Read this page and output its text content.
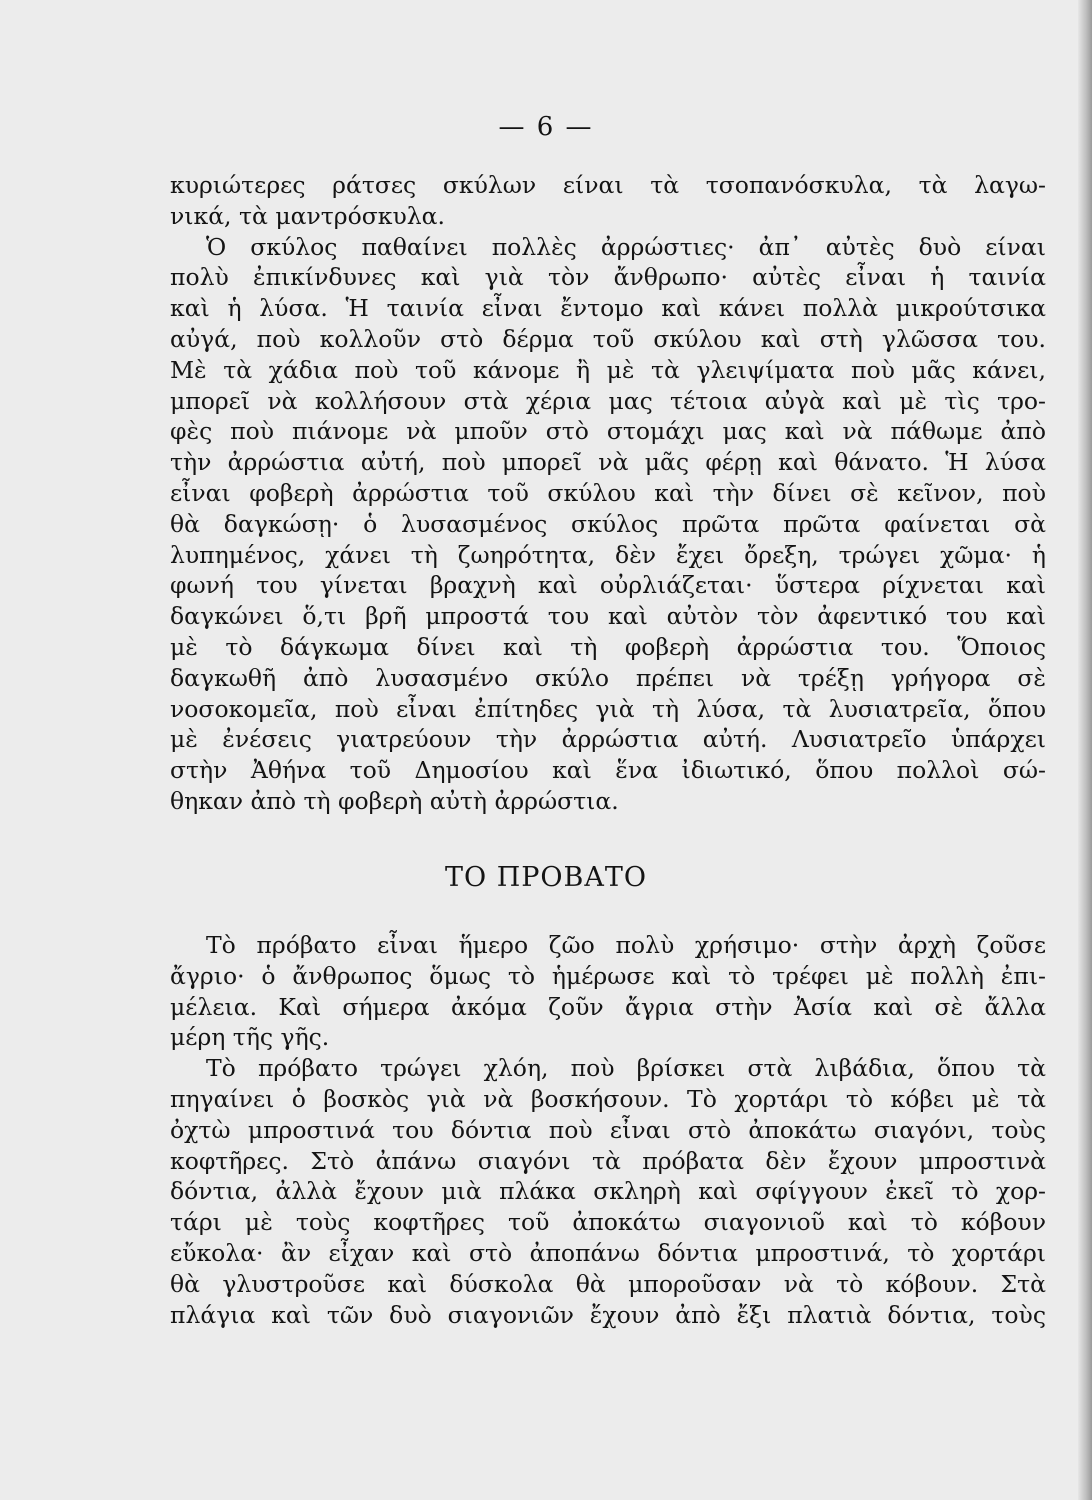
— 6 —

κυριώτερες ράτσες σκύλων είναι τὰ τσοπανόσκυλα, τὰ λαγω-
νικά, τὰ μαντρόσκυλα.

Ὁ σκύλος παθαίνει πολλὲς ἀρρώστιες· ἀπ᾿ αὐτὲς δυὸ είναι
πολὺ ἐπικίνδυνες καὶ γιὰ τὸν ἄνθρωπο· αὐτὲς εἶναι ἡ ταινία
καὶ ἡ λύσα. Ἡ ταινία εἶναι ἔντομο καὶ κάνει πολλὰ μικρούτσικα
αὐγά, ποὺ κολλοῦν στὸ δέρμα τοῦ σκύλου καὶ στὴ γλῶσσα του.
Μὲ τὰ χάδια ποὺ τοῦ κάνομε ἢ μὲ τὰ γλειψίματα ποὺ μᾶς κάνει,
μπορεῖ νὰ κολλήσουν στὰ χέρια μας τέτοια αὐγὰ καὶ μὲ τὶς τρο-
φὲς ποὺ πιάνομε νὰ μποῦν στὸ στομάχι μας καὶ νὰ πάθωμε ἀπὸ
τὴν ἀρρώστια αὐτή, ποὺ μπορεῖ νὰ μᾶς φέρῃ καὶ θάνατο. Ἡ λύσα
εἶναι φοβερὴ ἀρρώστια τοῦ σκύλου καὶ τὴν δίνει σὲ κεῖνον, ποὺ
θὰ δαγκώσῃ· ὁ λυσασμένος σκύλος πρῶτα πρῶτα φαίνεται σὰ
λυπημένος, χάνει τὴ ζωηρότητα, δὲν ἔχει ὄρεξη, τρώγει χῶμα· ἡ
φωνή του γίνεται βραχνὴ καὶ οὐρλιάζεται· ὕστερα ρίχνεται καὶ
δαγκώνει ὅ,τι βρῆ μπροστά του καὶ αὐτὸν τὸν ἀφεντικό του καὶ
μὲ τὸ δάγκωμα δίνει καὶ τὴ φοβερὴ ἀρρώστια του. Ὅποιος
δαγκωθῆ ἀπὸ λυσασμένο σκύλο πρέπει νὰ τρέξῃ γρήγορα σὲ
νοσοκομεῖα, ποὺ εἶναι ἐπίτηδες γιὰ τὴ λύσα, τὰ λυσιατρεῖα, ὅπου
μὲ ἐνέσεις γιατρεύουν τὴν ἀρρώστια αὐτή. Λυσιατρεῖο ὑπάρχει
στὴν Ἀθήνα τοῦ Δημοσίου καὶ ἕνα ἰδιωτικό, ὅπου πολλοὶ σώ-
θηκαν ἀπὸ τὴ φοβερὴ αὐτὴ ἀρρώστια.

ΤΟ ΠΡΟΒΑΤΟ

Τὸ πρόβατο εἶναι ἥμερο ζῶο πολὺ χρήσιμο· στὴν ἀρχὴ ζοῦσε
ἄγριο· ὁ ἄνθρωπος ὅμως τὸ ἡμέρωσε καὶ τὸ τρέφει μὲ πολλὴ ἐπι-
μέλεια. Καὶ σήμερα ἀκόμα ζοῦν ἄγρια στὴν Ἀσία καὶ σὲ ἄλλα
μέρη τῆς γῆς.

Τὸ πρόβατο τρώγει χλόη, ποὺ βρίσκει στὰ λιβάδια, ὅπου τὰ
πηγαίνει ὁ βοσκὸς γιὰ νὰ βοσκήσουν. Τὸ χορτάρι τὸ κόβει μὲ τὰ
ὀχτὼ μπροστινά του δόντια ποὺ εἶναι στὸ ἀποκάτω σιαγόνι, τοὺς
κοφτῆρες. Στὸ ἀπάνω σιαγόνι τὰ πρόβατα δὲν ἔχουν μπροστινὰ
δόντια, ἀλλὰ ἔχουν μιὰ πλάκα σκληρὴ καὶ σφίγγουν ἐκεῖ τὸ χορ-
τάρι μὲ τοὺς κοφτῆρες τοῦ ἀποκάτω σιαγονιοῦ καὶ τὸ κόβουν
εὔκολα· ἂν εἶχαν καὶ στὸ ἀποπάνω δόντια μπροστινά, τὸ χορτάρι
θὰ γλυστροῦσε καὶ δύσκολα θὰ μποροῦσαν νὰ τὸ κόβουν. Στὰ
πλάγια καὶ τῶν δυὸ σιαγονιῶν ἔχουν ἀπὸ ἔξι πλατιὰ δόντια, τοὺς
